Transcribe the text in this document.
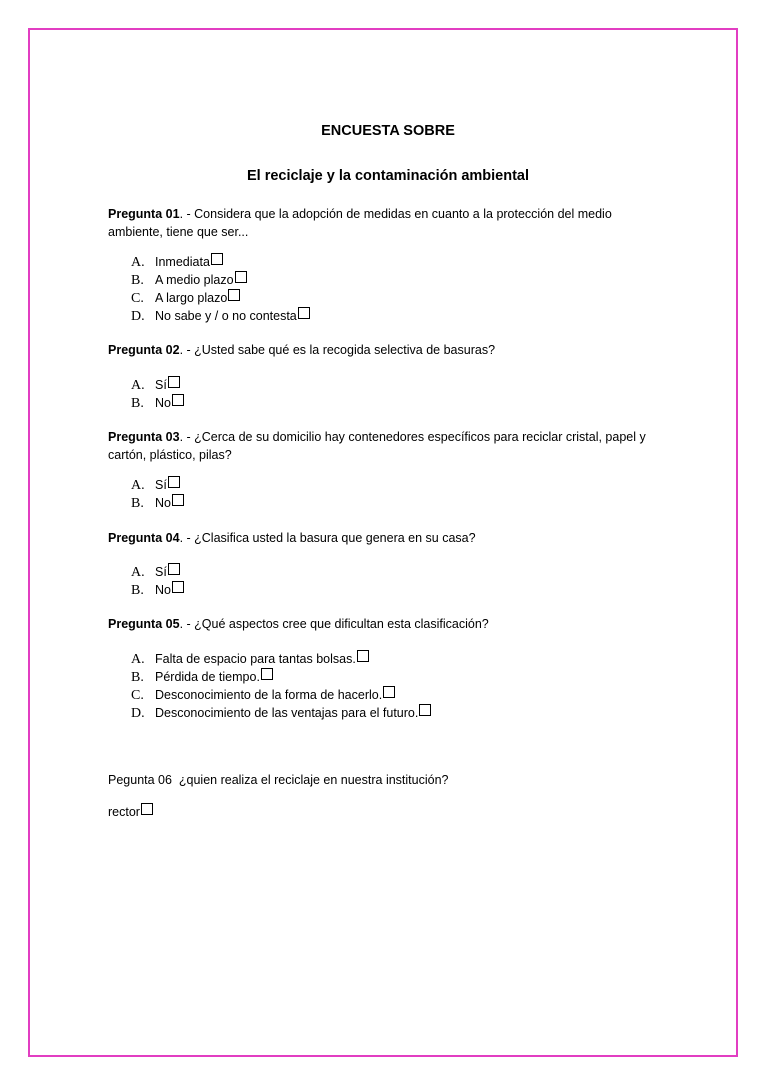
ENCUESTA SOBRE
El reciclaje y la contaminación ambiental
Pregunta 01. - Considera que la adopción de medidas en cuanto a la protección del medio ambiente, tiene que ser...
A. Inmediata
B. A medio plazo
C. A largo plazo
D. No sabe y / o no contesta
Pregunta 02. - ¿Usted sabe qué es la recogida selectiva de basuras?
A. Sí
B. No
Pregunta 03. - ¿Cerca de su domicilio hay contenedores específicos para reciclar cristal, papel y cartón, plástico, pilas?
A. Sí
B. No
Pregunta 04. - ¿Clasifica usted la basura que genera en su casa?
A. Sí
B. No
Pregunta 05. - ¿Qué aspectos cree que dificultan esta clasificación?
A. Falta de espacio para tantas bolsas.
B. Pérdida de tiempo.
C. Desconocimiento de la forma de hacerlo.
D. Desconocimiento de las ventajas para el futuro.
Pegunta 06  ¿quien realiza el reciclaje en nuestra institución?
rector
